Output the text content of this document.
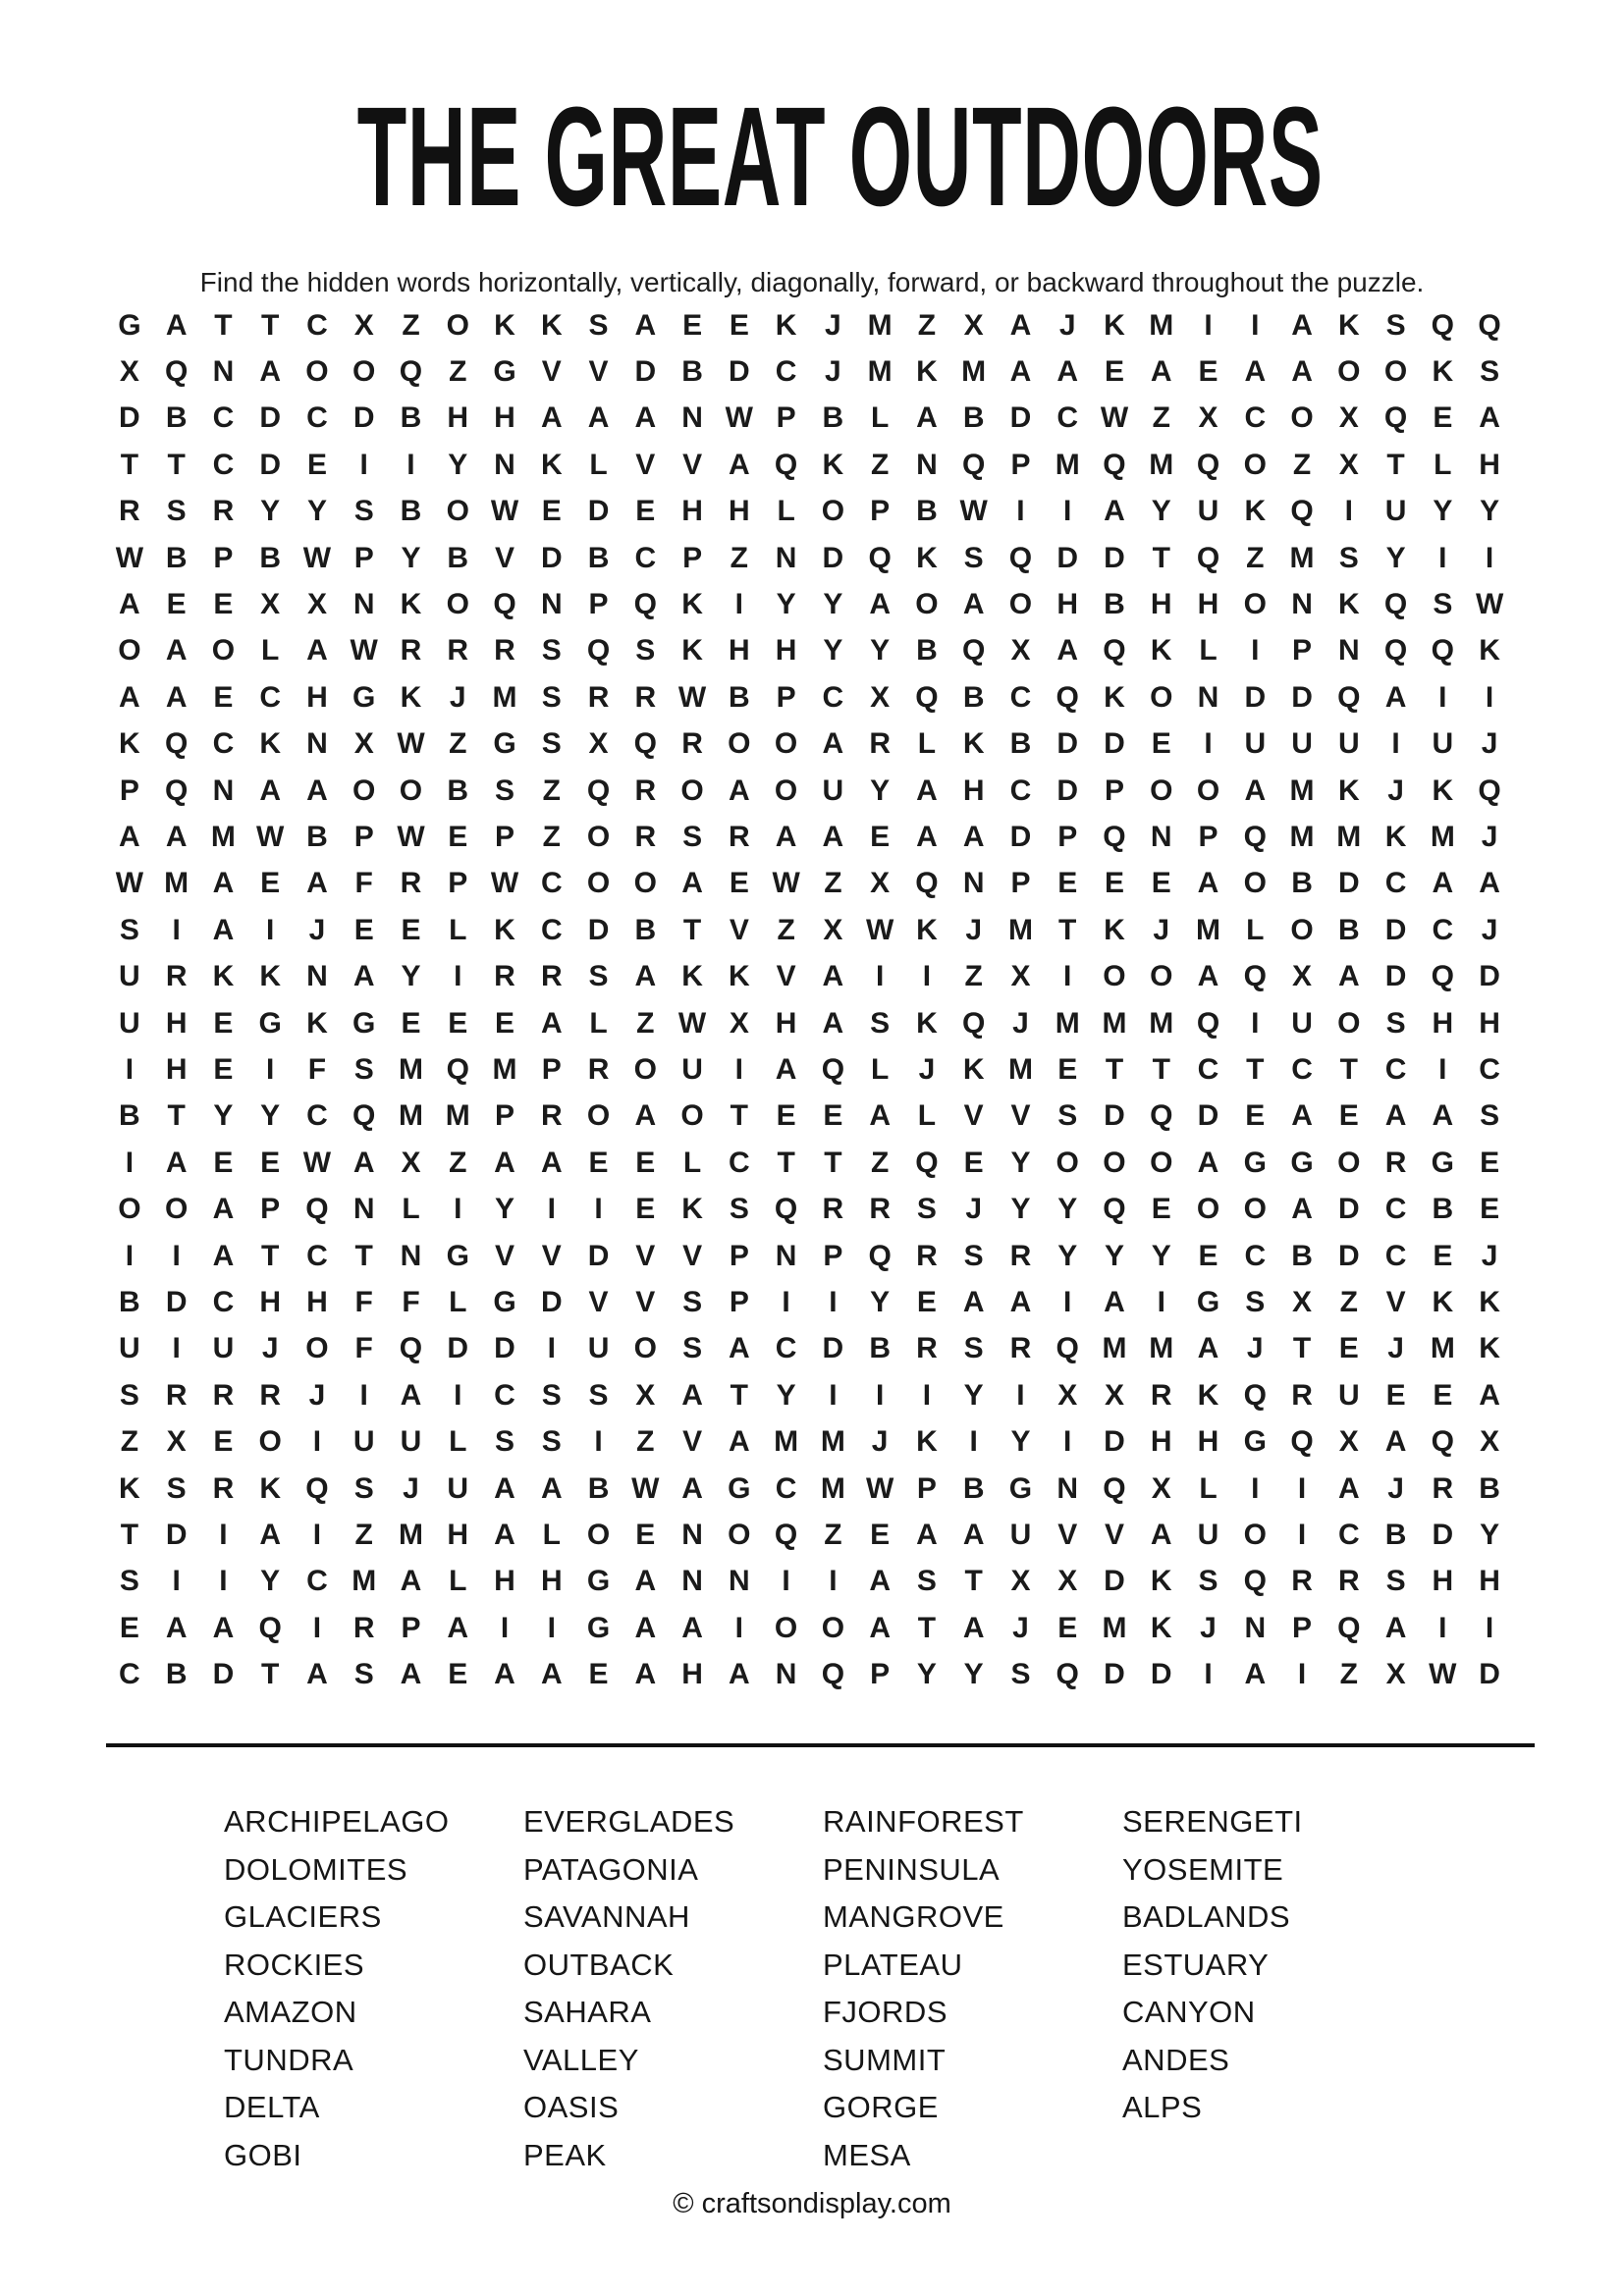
THE GREAT OUTDOORS

Find the hidden words horizontally, vertically, diagonally, forward, or backward throughout the puzzle.

G A T T C X Z O K K S A E E K J M Z X A J K M	I	I	A K S Q Q
X Q N A O O Q Z G V V D B D C J M K M A A E A E A A O O K S
D B C D C D B H H A A A N W P B L A B D C W Z X C O X Q E A
T T C D E	I	I	Y N K L V V A Q K Z N Q P M Q M Q O Z X T L H
R S R Y Y S B O W E D E H H L O P B W I	I	A Y U K Q	I	U Y Y
W B P B W P Y B V D B C P Z N D Q K S Q D D T Q Z M S Y	I	I
A E E X X N K O Q N P Q K	I	Y Y A O A O H B H H O N K Q S W
O A O L A W R R R S Q S K H H Y Y B Q X A Q K L	I	P N Q Q K
A A E C H G K J M S R R W B P C X Q B C Q K O N D D Q A	I	I
K Q C K N X W Z G S X Q R O O A R L K B D D E	I	U U U	I	U J
P Q N A A O O B S Z Q R O A O U Y A H C D P O O A M K J K Q
A A M W B P W E P Z O R S R A A E A A D P Q N P Q M M K M J
W M A E A F R P W C O O A E W Z X Q N P E E E A O B D C A A
S	I	A	I	J E E L K C D B T V Z X W K J M T K J M L O B D C J
U R K K N A Y	I	R R S A K K V A	I	I	Z X	I	O O A Q X A D Q D
U H E G K G E E E A L Z W X H A S K Q J M M M Q	I	U O S H H
I	H E	I	F S M Q M P R O U	I	A Q L	J K M E T T C T C T C	I	C
B T Y Y C Q M M P R O A O T E E A L V V S D Q D E A E A A S
I	A E E W A X Z A A E E L C T T Z Q E Y O O O A G G O R G E
O O A P Q N L	I	Y	I	I	E K S Q R R S J Y Y Q E O O A D C B E
I	I	A T C T N G V V D V V P N P Q R S R Y Y Y E C B D C E J
B D C H H F F L G D V V S P	I	I	Y E A A	I	A	I	G S X Z V K K
U	I	U J O F Q D D	I	U O S A C D B R S R Q M M A J	T E J M K
S R R R J	I	A	I	C S S X A T Y	I	I	I	Y	I	X X R K Q R U E E A
Z X E O	I	U U L S S	I	Z V A M M J K	I	Y	I	D H H G Q X A Q X
K S R K Q S J U A A B W A G C M W P B G N Q X L	I	I	A J R B
T D	I	A	I	Z M H A L O E N O Q Z E A A U V V A U O	I	C B D Y
S	I	I	Y C M A L H H G A N N	I	I	A S T X X D K S Q R R S H H
E A A Q	I	R P A	I	I	G A A	I	O O A T A J E M K J N P Q A	I	I
C B D T A S A E A A E A H A N Q P Y Y S Q D D	I	A	I	Z X W D
ARCHIPELAGO
DOLOMITES
GLACIERS
ROCKIES
AMAZON
TUNDRA
DELTA
GOBI
EVERGLADES
PATAGONIA
SAVANNAH
OUTBACK
SAHARA
VALLEY
OASIS
PEAK
RAINFOREST
PENINSULA
MANGROVE
PLATEAU
FJORDS
SUMMIT
GORGE
MESA
SERENGETI
YOSEMITE
BADLANDS
ESTUARY
CANYON
ANDES
ALPS
© craftsondisplay.com
